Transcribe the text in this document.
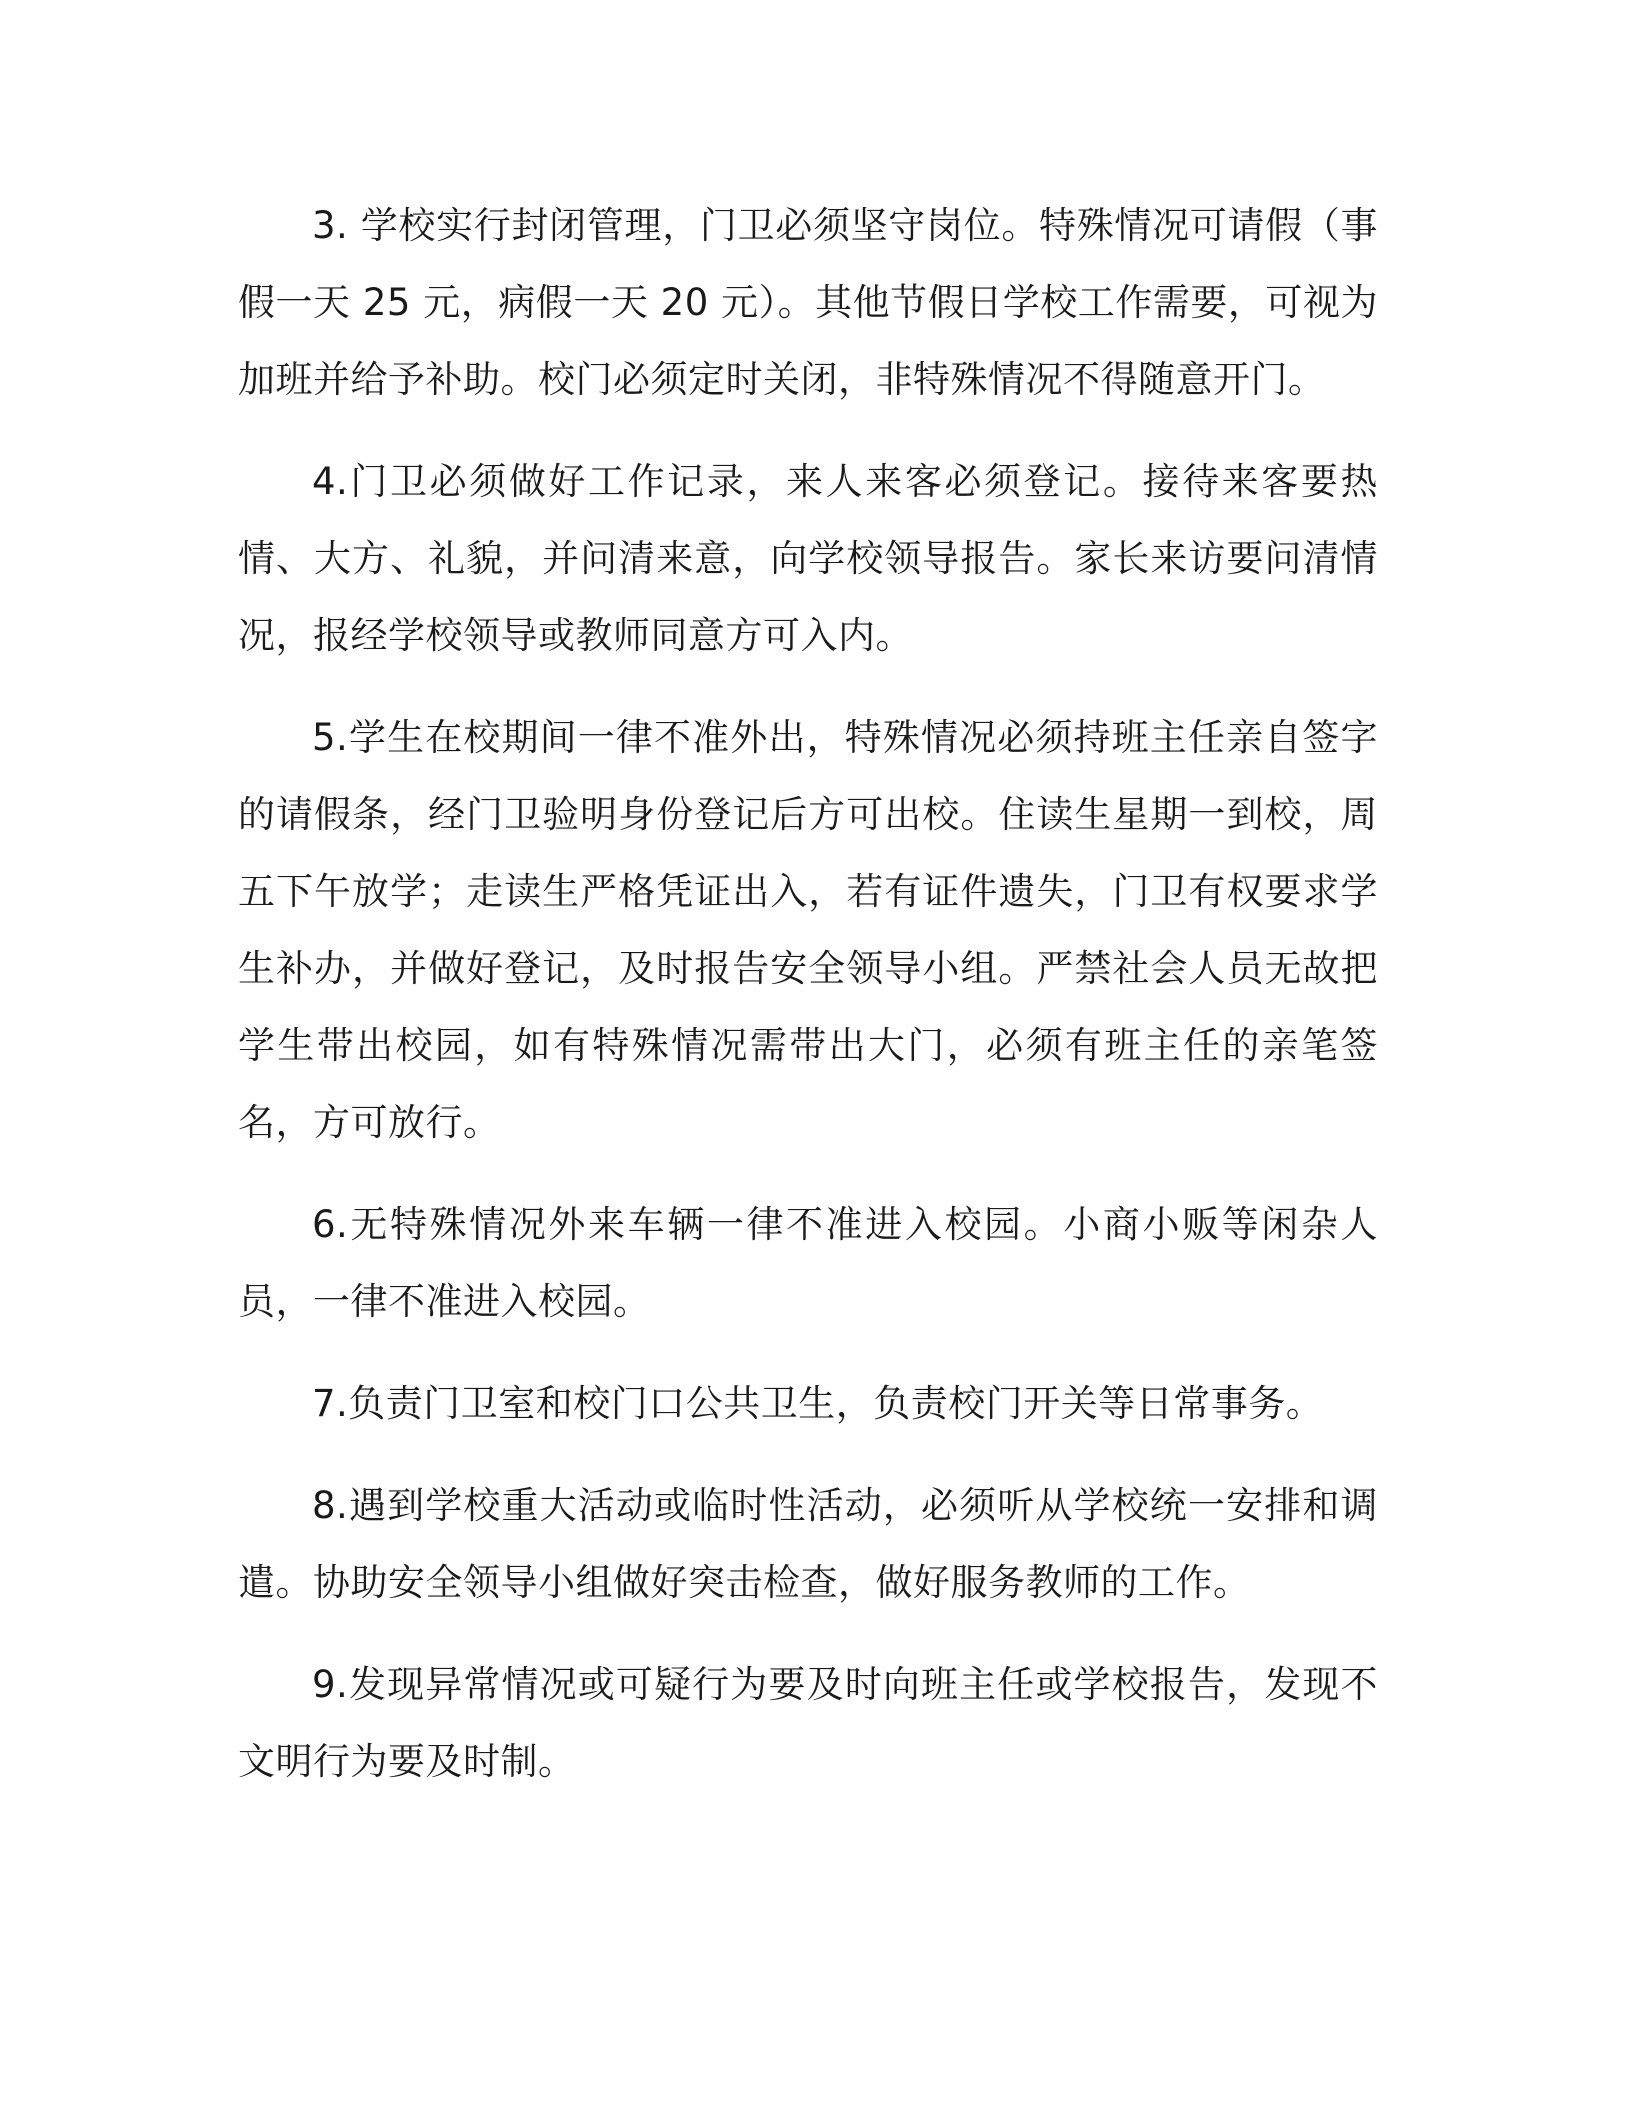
3. 学校实行封闭管理，门卫必须坚守岗位。特殊情况可请假（事假一天 25 元，病假一天 20 元）。其他节假日学校工作需要，可视为加班并给予补助。校门必须定时关闭，非特殊情况不得随意开门。

4.门卫必须做好工作记录，来人来客必须登记。接待来客要热情、大方、礼貌，并问清来意，向学校领导报告。家长来访要问清情况，报经学校领导或教师同意方可入内。

5.学生在校期间一律不准外出，特殊情况必须持班主任亲自签字的请假条，经门卫验明身份登记后方可出校。住读生星期一到校，周五下午放学；走读生严格凭证出入，若有证件遗失，门卫有权要求学生补办，并做好登记，及时报告安全领导小组。严禁社会人员无故把学生带出校园，如有特殊情况需带出大门，必须有班主任的亲笔签名，方可放行。

6.无特殊情况外来车辆一律不准进入校园。小商小贩等闲杂人员，一律不准进入校园。

7.负责门卫室和校门口公共卫生，负责校门开关等日常事务。

8.遇到学校重大活动或临时性活动，必须听从学校统一安排和调遣。协助安全领导小组做好突击检查，做好服务教师的工作。

9.发现异常情况或可疑行为要及时向班主任或学校报告，发现不文明行为要及时制。
